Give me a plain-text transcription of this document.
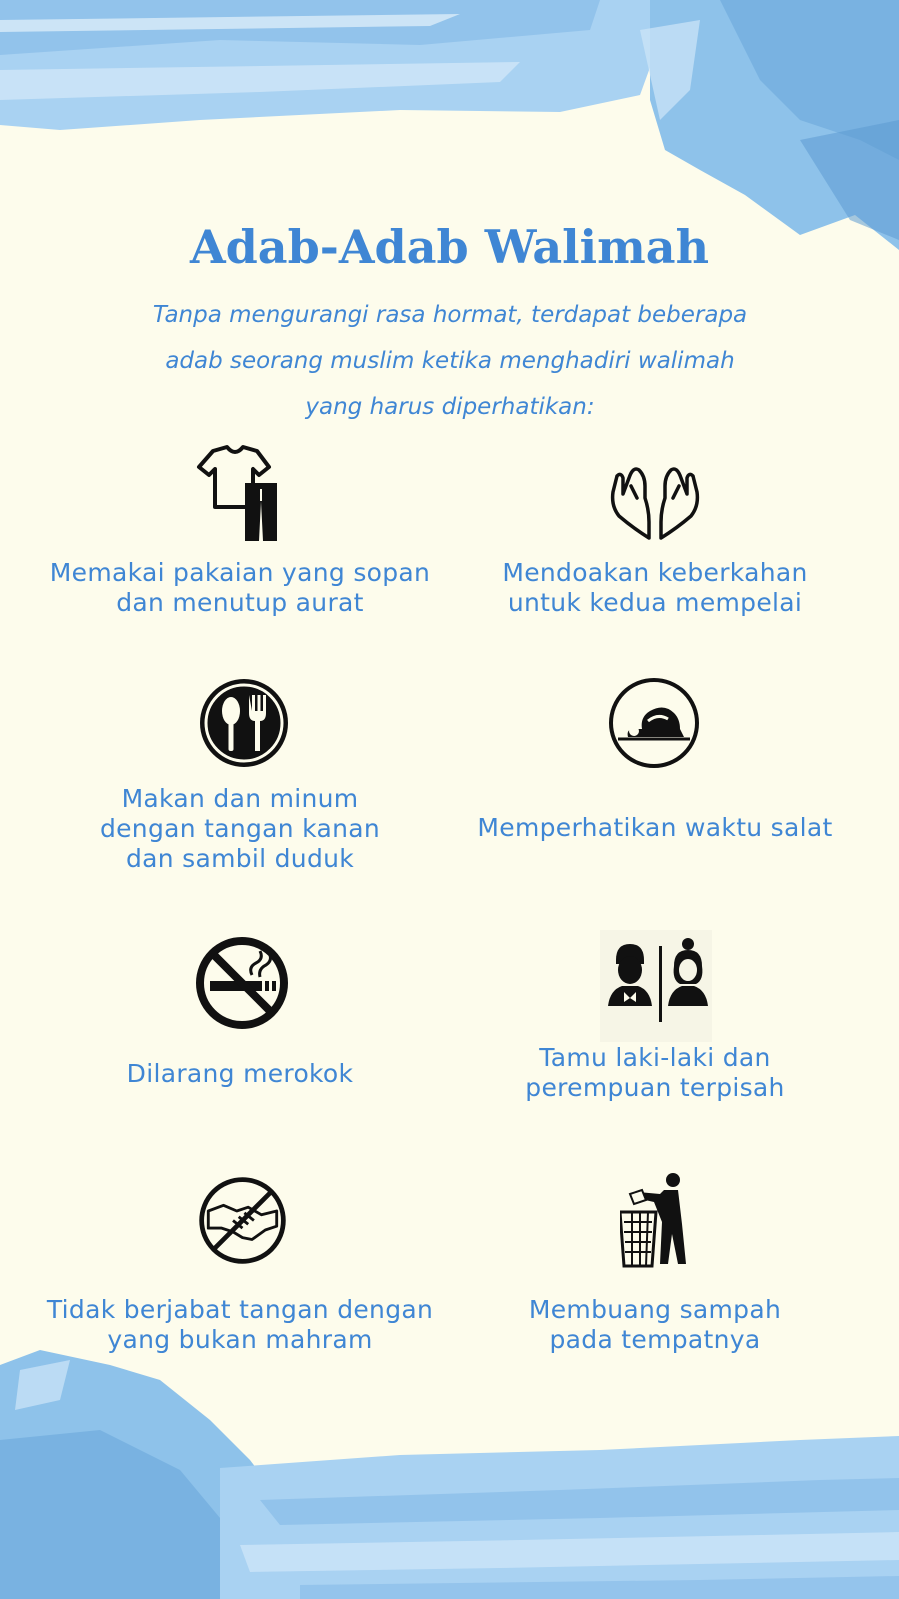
Adab-Adab Walimah
Tanpa mengurangi rasa hormat, terdapat beberapa
adab seorang muslim ketika menghadiri walimah
yang harus diperhatikan:

Memakai pakaian yang sopan
dan menutup aurat

Mendoakan keberkahan
untuk kedua mempelai

Makan dan minum
dengan tangan kanan
dan sambil duduk

Memperhatikan waktu salat

Dilarang merokok

Tamu laki-laki dan
perempuan terpisah

Tidak berjabat tangan dengan
yang bukan mahram

Membuang sampah
pada tempatnya
